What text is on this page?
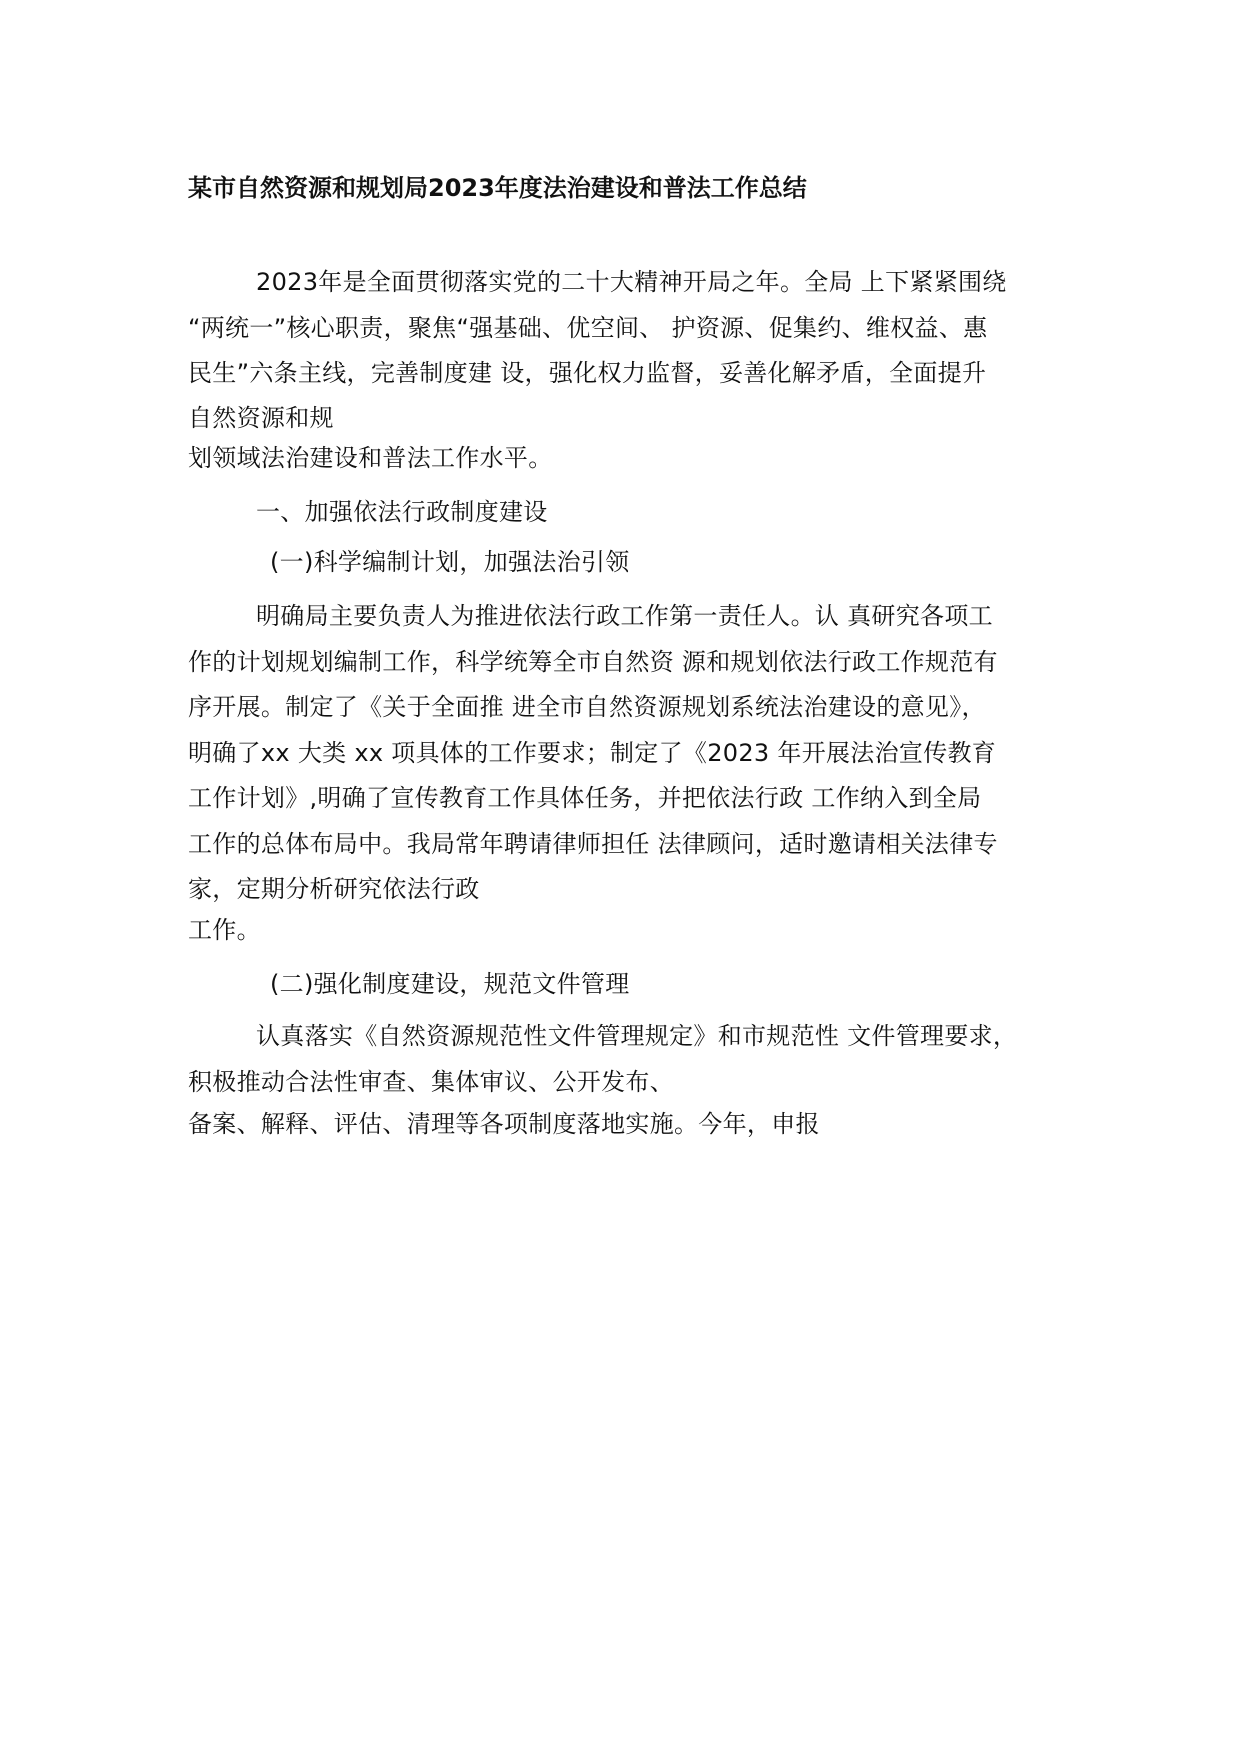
某市自然资源和规划局2023年度法治建设和普法工作总结
2023年是全面贯彻落实党的二十大精神开局之年。全局 上下紧紧围绕
“两统一”核心职责，聚焦“强基础、优空间、 护资源、促集约、维权益、惠
民生”六条主线，完善制度建 设，强化权力监督，妥善化解矛盾，全面提升
自然资源和规
划领域法治建设和普法工作水平。
一、加强依法行政制度建设
(一)科学编制计划，加强法治引领
明确局主要负责人为推进依法行政工作第一责任人。认 真研究各项工
作的计划规划编制工作，科学统筹全市自然资 源和规划依法行政工作规范有
序开展。制定了《关于全面推 进全市自然资源规划系统法治建设的意见》，
明确了xx 大类 xx 项具体的工作要求；制定了《2023 年开展法治宣传教育
工作计划》,明确了宣传教育工作具体任务，并把依法行政 工作纳入到全局
工作的总体布局中。我局常年聘请律师担任 法律顾问，适时邀请相关法律专
家，定期分析研究依法行政
工作。
(二)强化制度建设，规范文件管理
认真落实《自然资源规范性文件管理规定》和市规范性 文件管理要求，
积极推动合法性审查、集体审议、公开发布、
备案、解释、评估、清理等各项制度落地实施。今年，申报
